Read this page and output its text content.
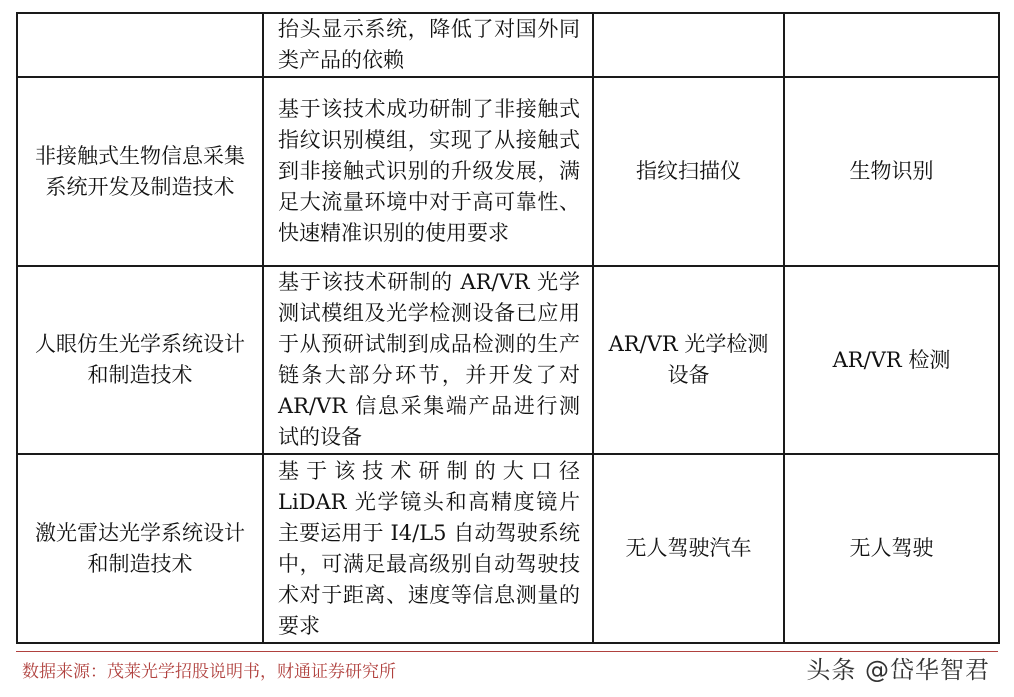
	抬头显示系统，降低了对国外同类产品的依赖		

非接触式生物信息采集系统开发及制造技术	基于该技术成功研制了非接触式指纹识别模组，实现了从接触式到非接触式识别的升级发展，满足大流量环境中对于高可靠性、快速精准识别的使用要求	指纹扫描仪	生物识别
人眼仿生光学系统设计和制造技术	基于该技术研制的 AR/VR 光学测试模组及光学检测设备已应用于从预研试制到成品检测的生产链条大部分环节，并开发了对 AR/VR 信息采集端产品进行测试的设备	AR/VR 光学检测设备	AR/VR 检测
激光雷达光学系统设计和制造技术	基于该技术研制的大口径 LiDAR 光学镜头和高精度镜片主要运用于 I4/L5 自动驾驶系统中，可满足最高级别自动驾驶技术对于距离、速度等信息测量的要求	无人驾驶汽车	无人驾驶
数据来源：茂莱光学招股说明书，财通证券研究所	头条 @岱华智君
